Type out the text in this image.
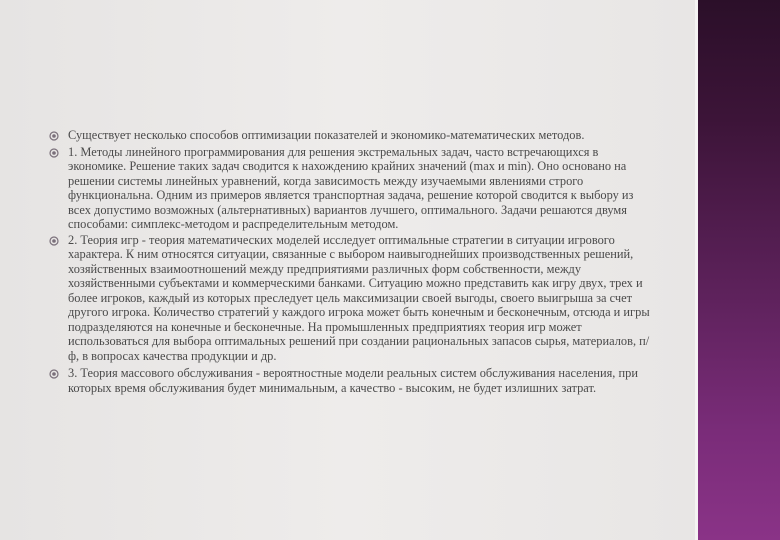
Существует несколько способов оптимизации показателей и экономико-математических методов.
1. Методы линейного программирования для решения экстремальных задач, часто встречающихся в экономике. Решение таких задач сводится к нахождению крайних значений (max и min). Оно основано на решении системы линейных уравнений, когда зависимость между изучаемыми явлениями строго функциональна. Одним из примеров является транспортная задача, решение которой сводится к выбору из всех допустимо возможных (альтернативных) вариантов лучшего, оптимального. Задачи решаются двумя способами: симплекс-методом и распределительным методом.
2. Теория игр - теория математических моделей исследует оптимальные стратегии в ситуации игрового характера. К ним относятся ситуации, связанные с выбором наивыгоднейших производственных решений, хозяйственных взаимоотношений между предприятиями различных форм собственности, между хозяйственными субъектами и коммерческими банками. Ситуацию можно представить как игру двух, трех и более игроков, каждый из которых преследует цель максимизации своей выгоды, своего выигрыша за счет другого игрока. Количество стратегий у каждого игрока может быть конечным и бесконечным, отсюда и игры подразделяются на конечные и бесконечные. На промышленных предприятиях теория игр может использоваться для выбора оптимальных решений при создании рациональных запасов сырья, материалов, п/ф, в вопросах качества продукции и др.
3. Теория массового обслуживания - вероятностные модели реальных систем обслуживания населения, при которых время обслуживания будет минимальным, а качество - высоким, не будет излишних затрат.
